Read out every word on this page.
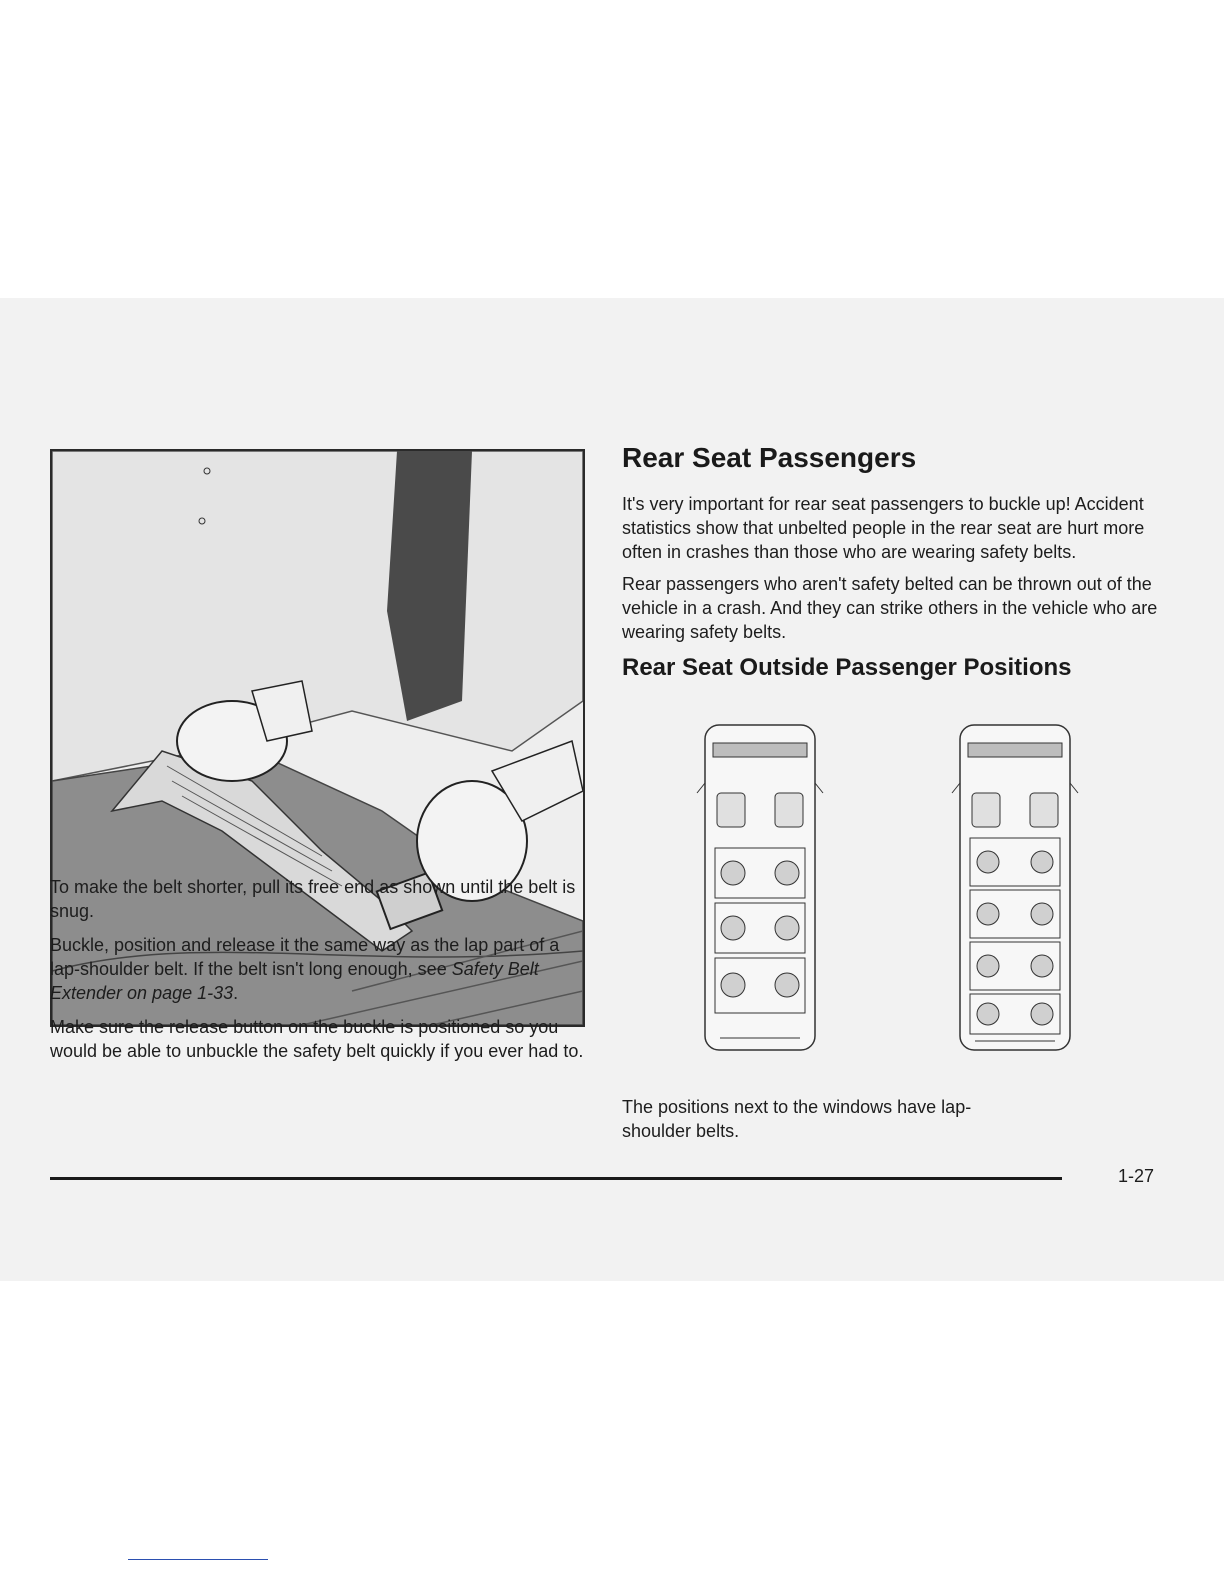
To make the belt shorter, pull its free end as shown until the belt is snug.

Buckle, position and release it the same way as the lap part of a lap-shoulder belt. If the belt isn't long enough, see Safety Belt Extender on page 1-33.

Make sure the release button on the buckle is positioned so you would be able to unbuckle the safety belt quickly if you ever had to.

Rear Seat Passengers

It's very important for rear seat passengers to buckle up! Accident statistics show that unbelted people in the rear seat are hurt more often in crashes than those who are wearing safety belts.

Rear passengers who aren't safety belted can be thrown out of the vehicle in a crash. And they can strike others in the vehicle who are wearing safety belts.

Rear Seat Outside Passenger Positions

The positions next to the windows have lap-shoulder belts.

1-27
